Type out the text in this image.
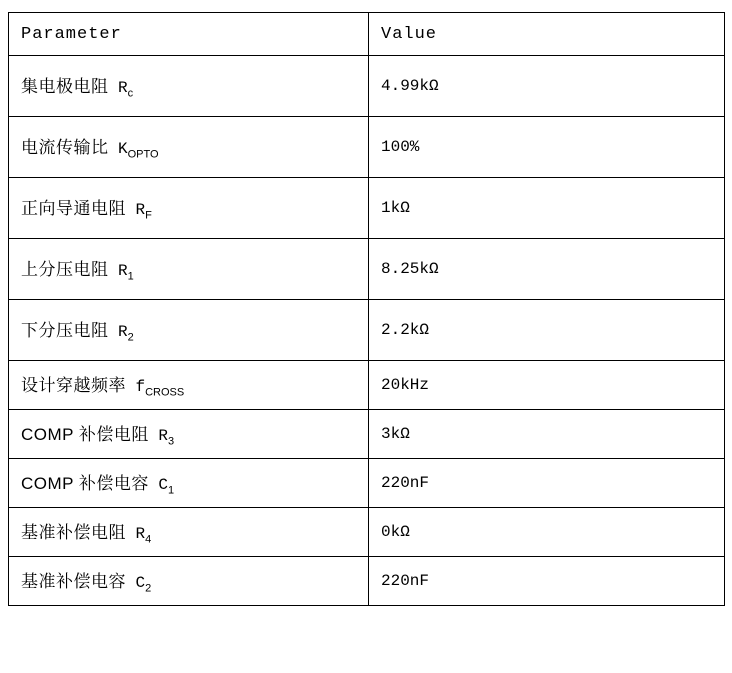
Parameter	Value
集电极电阻 $R_c$	4.99kΩ
电流传输比 $K_{OPTO}$	100%
正向导通电阻 $R_F$	1kΩ
上分压电阻 $R_1$	8.25kΩ
下分压电阻 $R_2$	2.2kΩ
设计穿越频率 $f_{CROSS}$	20kHz
COMP 补偿电阻 $R_3$	3kΩ
COMP 补偿电容 $C_1$	220nF
基准补偿电阻 $R_4$	0kΩ
基准补偿电容 $C_2$	220nF
